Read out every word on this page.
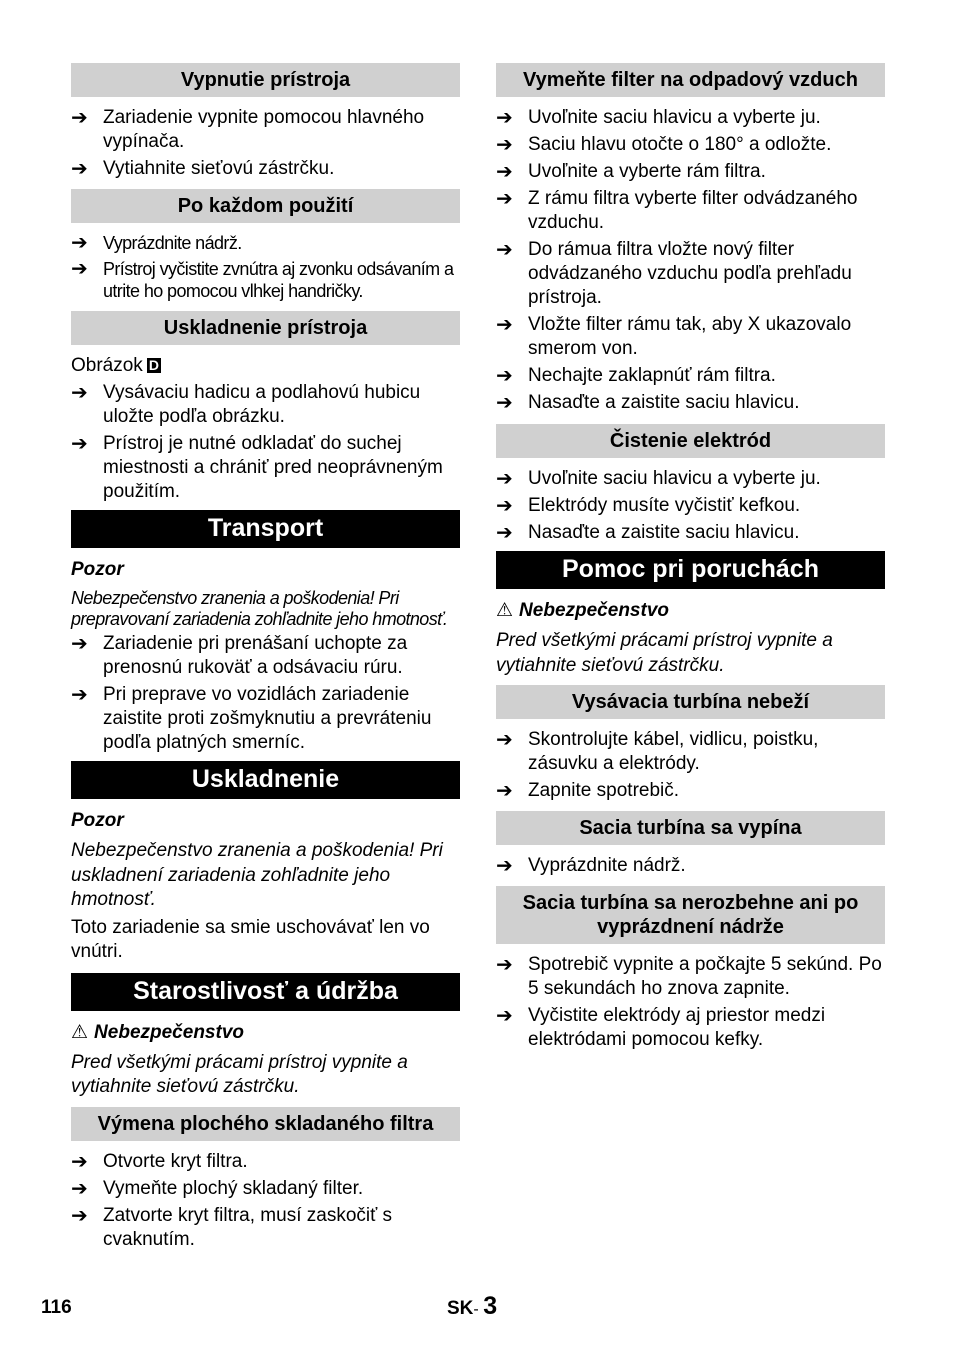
Vypnutie prístroja
➔ Zariadenie vypnite pomocou hlavného vypínača.
➔ Vytiahnite sieťovú zástrčku.
Po každom použití
➔ Vyprázdnite nádrž.
➔ Prístroj vyčistite zvnútra aj zvonku odsávaním a utrite ho pomocou vlhkej handričky.
Uskladnenie prístroja
Obrázok D
➔ Vysávaciu hadicu a podlahovú hubicu uložte podľa obrázku.
➔ Prístroj je nutné odkladať do suchej miestnosti a chrániť pred neoprávneným použitím.
Transport
Pozor
Nebezpečenstvo zranenia a poškodenia! Pri prepravovaní zariadenia zohľadnite jeho hmotnosť.
➔ Zariadenie pri prenášaní uchopte za prenosnú rukoväť a odsávaciu rúru.
➔ Pri preprave vo vozidlách zariadenie zaistite proti zošmyknutiu a prevráteniu podľa platných smerníc.
Uskladnenie
Pozor
Nebezpečenstvo zranenia a poškodenia! Pri uskladnení zariadenia zohľadnite jeho hmotnosť.
Toto zariadenie sa smie uschovávať len vo vnútri.
Starostlivosť a údržba
⚠ Nebezpečenstvo
Pred všetkými prácami prístroj vypnite a vytiahnite sieťovú zástrčku.
Výmena plochého skladaného filtra
➔ Otvorte kryt filtra.
➔ Vymeňte plochý skladaný filter.
➔ Zatvorte kryt filtra, musí zaskočiť s cvaknutím.
Vymeňte filter na odpadový vzduch
➔ Uvoľnite saciu hlavicu a vyberte ju.
➔ Saciu hlavu otočte o 180° a odložte.
➔ Uvoľnite a vyberte rám filtra.
➔ Z rámu filtra vyberte filter odvádzaného vzduchu.
➔ Do rámua filtra vložte nový filter odvádzaného vzduchu podľa prehľadu prístroja.
➔ Vložte filter rámu tak, aby X ukazovalo smerom von.
➔ Nechajte zaklapnúť rám filtra.
➔ Nasaďte a zaistite saciu hlavicu.
Čistenie elektród
➔ Uvoľnite saciu hlavicu a vyberte ju.
➔ Elektródy musíte vyčistiť kefkou.
➔ Nasaďte a zaistite saciu hlavicu.
Pomoc pri poruchách
⚠ Nebezpečenstvo
Pred všetkými prácami prístroj vypnite a vytiahnite sieťovú zástrčku.
Vysávacia turbína nebeží
➔ Skontrolujte kábel, vidlicu, poistku, zásuvku a elektródy.
➔ Zapnite spotrebič.
Sacia turbína sa vypína
➔ Vyprázdnite nádrž.
Sacia turbína sa nerozbehne ani po vyprázdnení nádrže
➔ Spotrebič vypnite a počkajte 5 sekúnd. Po 5 sekundách ho znova zapnite.
➔ Vyčistite elektródy aj priestor medzi elektródami pomocou kefky.
116	SK- 3
